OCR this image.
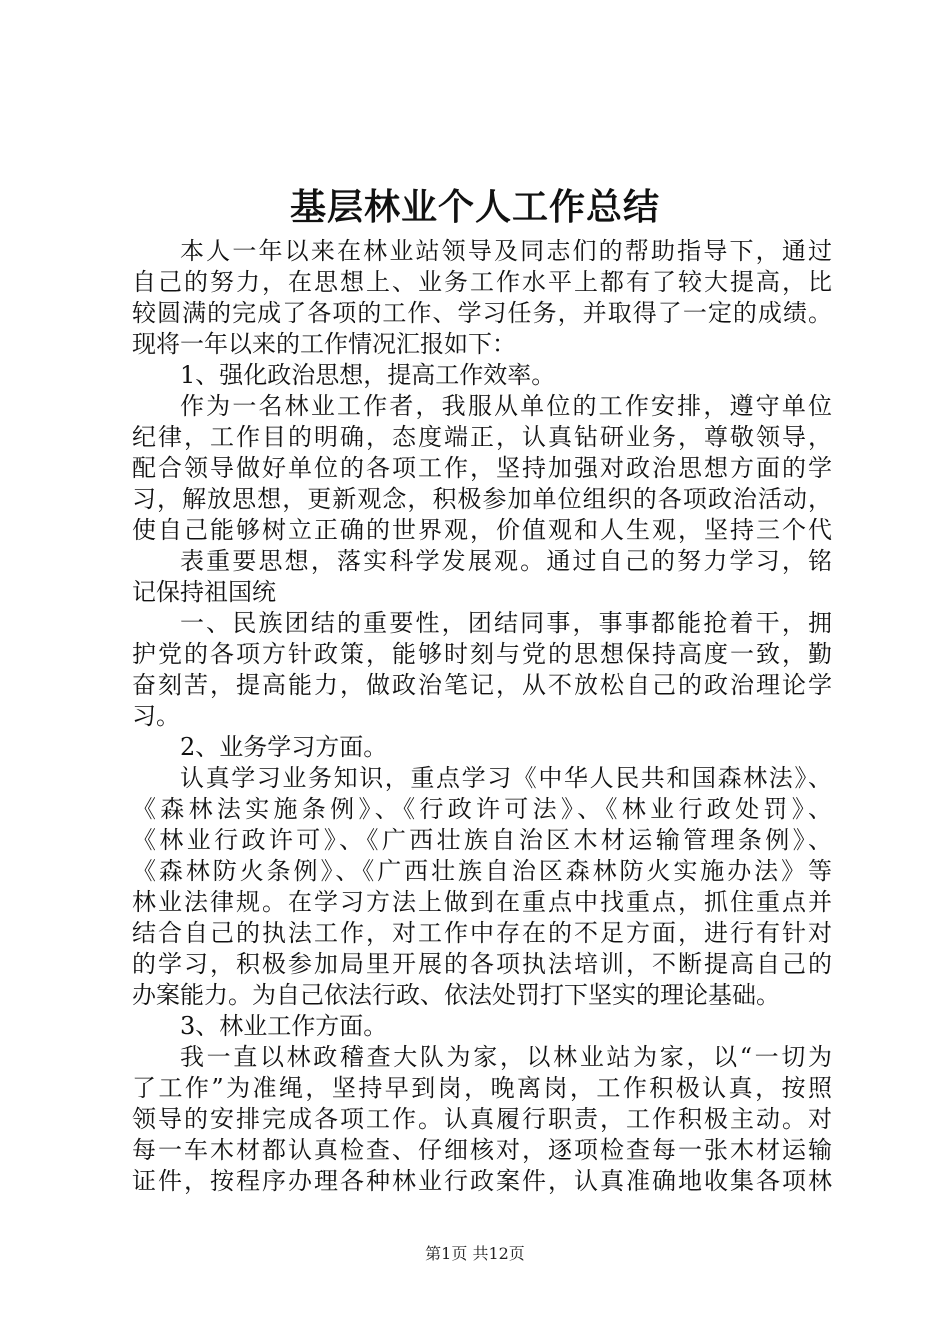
基层林业个人工作总结
本人一年以来在林业站领导及同志们的帮助指导下，通过
自己的努力，在思想上、业务工作水平上都有了较大提高，比
较圆满的完成了各项的工作、学习任务，并取得了一定的成绩。
现将一年以来的工作情况汇报如下：
1、强化政治思想，提高工作效率。
作为一名林业工作者，我服从单位的工作安排，遵守单位
纪律，工作目的明确，态度端正，认真钻研业务，尊敬领导，
配合领导做好单位的各项工作，坚持加强对政治思想方面的学
习，解放思想，更新观念，积极参加单位组织的各项政治活动，
使自己能够树立正确的世界观，价值观和人生观，坚持三个代
表重要思想，落实科学发展观。通过自己的努力学习，铭
记保持祖国统
一、民族团结的重要性，团结同事，事事都能抢着干，拥
护党的各项方针政策，能够时刻与党的思想保持高度一致，勤
奋刻苦，提高能力，做政治笔记，从不放松自己的政治理论学
习。
2、业务学习方面。
认真学习业务知识，重点学习《中华人民共和国森林法》、
《森林法实施条例》、《行政许可法》、《林业行政处罚》、
《林业行政许可》、《广西壮族自治区木材运输管理条例》、
《森林防火条例》、《广西壮族自治区森林防火实施办法》等
林业法律规。在学习方法上做到在重点中找重点，抓住重点并
结合自己的执法工作，对工作中存在的不足方面，进行有针对
的学习，积极参加局里开展的各项执法培训，不断提高自己的
办案能力。为自己依法行政、依法处罚打下坚实的理论基础。
3、林业工作方面。
我一直以林政稽查大队为家，以林业站为家，以“一切为
了工作”为准绳，坚持早到岗，晚离岗，工作积极认真，按照
领导的安排完成各项工作。认真履行职责，工作积极主动。对
每一车木材都认真检查、仔细核对，逐项检查每一张木材运输
证件，按程序办理各种林业行政案件，认真准确地收集各项林
第1页 共12页
